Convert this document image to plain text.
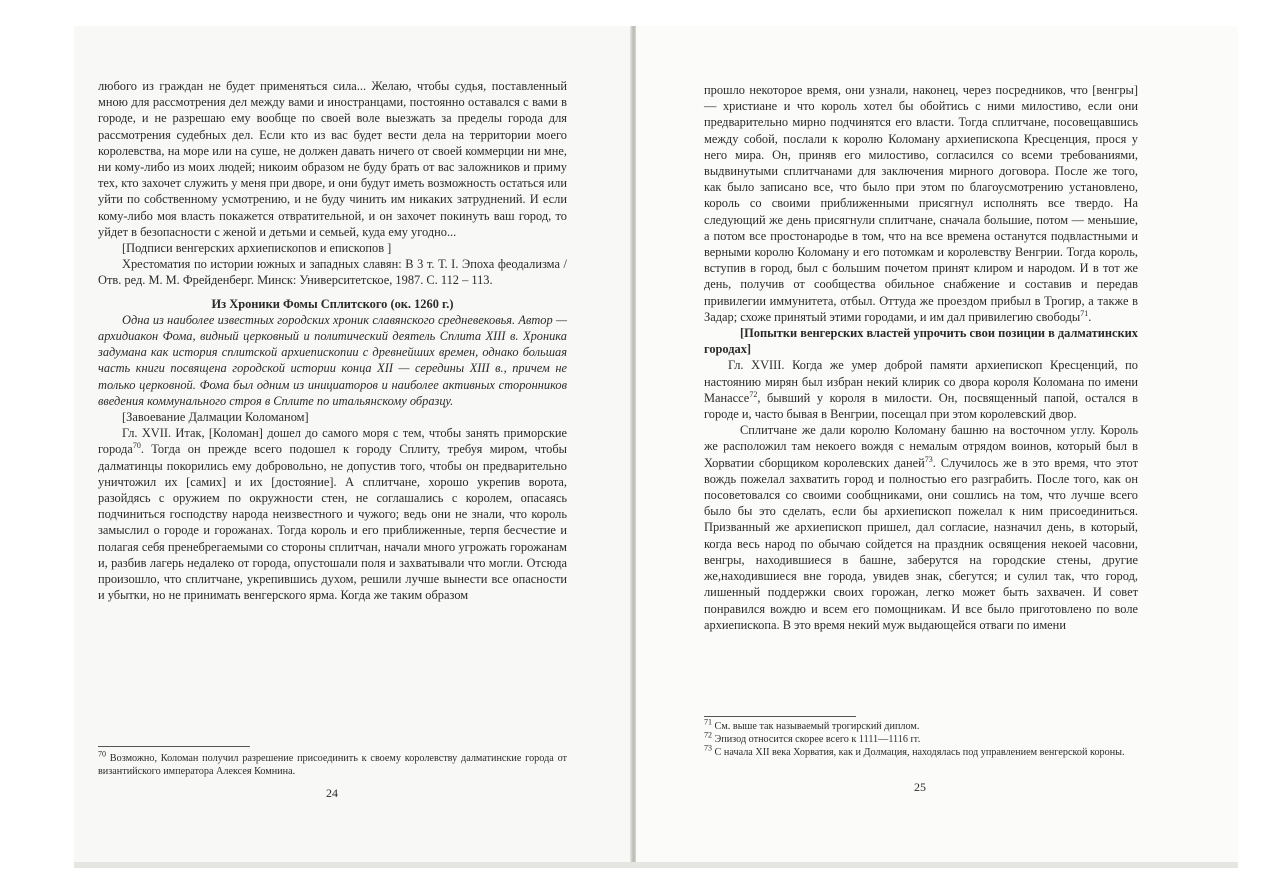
любого из граждан не будет применяться сила... Желаю, чтобы судья, поставленный мною для рассмотрения дел между вами и иностранцами, постоянно оставался с вами в городе, и не разрешаю ему вообще по своей воле выезжать за пределы города для рассмотрения судебных дел. Если кто из вас будет вести дела на территории моего королевства, на море или на суше, не должен давать ничего от своей коммерции ни мне, ни кому-либо из моих людей; никоим образом не буду брать от вас заложников и приму тех, кто захочет служить у меня при дворе, и они будут иметь возможность остаться или уйти по собственному усмотрению, и не буду чинить им никаких затруднений. И если кому-либо моя власть покажется отвратительной, и он захочет покинуть ваш город, то уйдет в безопасности с женой и детьми и семьей, куда ему угодно...

[Подписи венгерских архиепископов и епископов ]

Хрестоматия по истории южных и западных славян: В 3 т. Т. I. Эпоха феодализма / Отв. ред. М. М. Фрейденберг. Минск: Университетское, 1987. С. 112 – 113.

Из Хроники Фомы Сплитского (ок. 1260 г.)

Одна из наиболее известных городских хроник славянского средневековья. Автор — архидиакон Фома, видный церковный и политический деятель Сплита XIII в. Хроника задумана как история сплитской архиепископии с древнейших времен, однако большая часть книги посвящена городской истории конца XII — середины XIII в., причем не только церковной. Фома был одним из инициаторов и наиболее активных сторонников введения коммунального строя в Сплите по итальянскому образцу.

[Завоевание Далмации Коломаном]

Гл. XVII. Итак, [Коломан] дошел до самого моря с тем, чтобы занять приморские города$^{70}$. Тогда он прежде всего подошел к городу Сплиту, требуя миром, чтобы далматинцы покорились ему добровольно, не допустив того, чтобы он предварительно уничтожил их [самих] и их [достояние]. А сплитчане, хорошо укрепив ворота, разойдясь с оружием по окружности стен, не соглашались с королем, опасаясь подчиниться господству народа неизвестного и чужого; ведь они не знали, что король замыслил о городе и горожанах. Тогда король и его приближенные, терпя бесчестие и полагая себя пренебрегаемыми со стороны сплитчан, начали много угрожать горожанам и, разбив лагерь недалеко от города, опустошали поля и захватывали что могли. Отсюда произошло, что сплитчане, укрепившись духом, решили лучше вынести все опасности и убытки, но не принимать венгерского ярма. Когда же таким образом

$^{70}$ Возможно, Коломан получил разрешение присоединить к своему королевству далматинские города от византийского императора Алексея Комнина.
24

прошло некоторое время, они узнали, наконец, через посредников, что [венгры] — христиане и что король хотел бы обойтись с ними милостиво, если они предварительно мирно подчинятся его власти. Тогда сплитчане, посовещавшись между собой, послали к королю Коломану архиепископа Кресценция, прося у него мира. Он, приняв его милостиво, согласился со всеми требованиями, выдвинутыми сплитчанами для заключения мирного договора. После же того, как было записано все, что было при этом по благоусмотрению установлено, король со своими приближенными присягнул исполнять все твердо. На следующий же день присягнули сплитчане, сначала большие, потом — меньшие, а потом все простонародье в том, что на все времена останутся подвластными и верными королю Коломану и его потомкам и королевству Венгрии. Тогда король, вступив в город, был с большим почетом принят клиром и народом. И в тот же день, получив от сообщества обильное снабжение и составив и передав привилегии иммунитета, отбыл. Оттуда же проездом прибыл в Трогир, а также в Задар; схоже принятый этими городами, и им дал привилегию свободы$^{71}$.

[Попытки венгерских властей упрочить свои позиции в далматинских городах]

Гл. XVIII. Когда же умер доброй памяти архиепископ Кресценций, по настоянию мирян был избран некий клирик со двора короля Коломана по имени Манассе$^{72}$, бывший у короля в милости. Он, посвященный папой, остался в городе и, часто бывая в Венгрии, посещал при этом королевский двор.

Сплитчане же дали королю Коломану башню на восточном углу. Король же расположил там некоего вождя с немалым отрядом воинов, который был в Хорватии сборщиком королевских даней$^{73}$. Случилось же в это время, что этот вождь пожелал захватить город и полностью его разграбить. После того, как он посоветовался со своими сообщниками, они сошлись на том, что лучше всего было бы это сделать, если бы архиепископ пожелал к ним присоединиться. Призванный же архиепископ пришел, дал согласие, назначил день, в который, когда весь народ по обычаю сойдется на праздник освящения некоей часовни, венгры, находившиеся в башне, заберутся на городские стены, другие же,находившиеся вне города, увидев знак, сбегутся; и сулил так, что город, лишенный поддержки своих горожан, легко может быть захвачен. И совет понравился вождю и всем его помощникам. И все было приготовлено по воле архиепископа. В это время некий муж выдающейся отваги по имени

$^{71}$ См. выше так называемый трогирский диплом.
$^{72}$ Эпизод относится скорее всего к 1111—1116 гг.
$^{73}$ С начала XII века Хорватия, как и Долмация, находялась под управлением венгерской короны.
25
